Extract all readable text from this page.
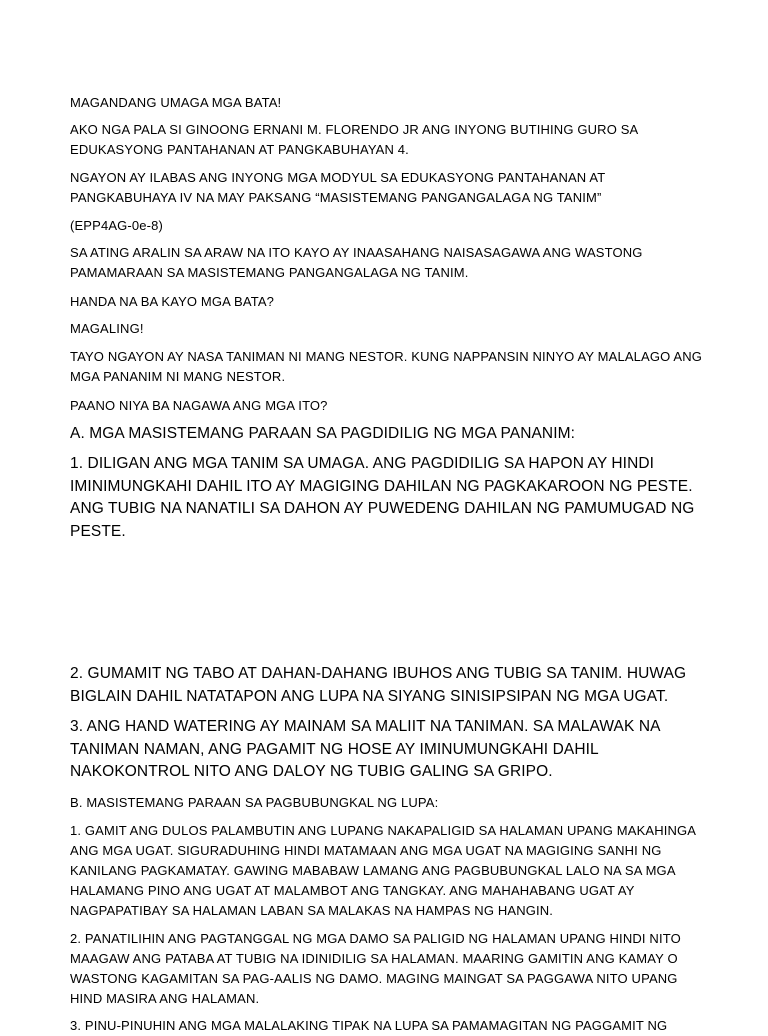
MAGANDANG UMAGA MGA BATA!

AKO NGA PALA SI GINOONG ERNANI M. FLORENDO JR ANG INYONG BUTIHING GURO SA EDUKASYONG PANTAHANAN AT PANGKABUHAYAN 4.

NGAYON AY ILABAS ANG INYONG MGA MODYUL SA EDUKASYONG PANTAHANAN AT PANGKABUHAYA IV NA MAY PAKSANG “MASISTEMANG PANGANGALAGA NG TANIM”

(EPP4AG-0e-8)

SA ATING ARALIN SA ARAW NA ITO KAYO AY INAASAHANG NAISASAGAWA ANG WASTONG PAMAMARAAN SA MASISTEMANG PANGANGALAGA NG TANIM.

HANDA NA BA KAYO MGA BATA?

MAGALING!

TAYO NGAYON AY NASA TANIMAN NI MANG NESTOR. KUNG NAPPANSIN NINYO AY MALALAGO ANG MGA PANANIM NI MANG NESTOR.

PAANO NIYA BA NAGAWA ANG MGA ITO?

A. MGA MASISTEMANG PARAAN SA PAGDIDILIG NG MGA PANANIM:

1. DILIGAN ANG MGA TANIM SA UMAGA. ANG PAGDIDILIG SA HAPON AY HINDI IMINIMUNGKAHI DAHIL ITO AY MAGIGING DAHILAN NG PAGKAKAROON NG PESTE. ANG TUBIG NA NANATILI SA DAHON AY PUWEDENG DAHILAN NG PAMUMUGAD NG PESTE.

2. GUMAMIT NG TABO AT DAHAN-DAHANG IBUHOS ANG TUBIG SA TANIM. HUWAG BIGLAIN DAHIL NATATAPON ANG LUPA NA SIYANG SINISIPSIPAN NG MGA UGAT.

3. ANG HAND WATERING AY MAINAM SA MALIIT NA TANIMAN. SA MALAWAK NA TANIMAN NAMAN, ANG PAGAMIT NG HOSE AY IMINUMUNGKAHI DAHIL NAKOKONTROL NITO ANG DALOY NG TUBIG GALING SA GRIPO.

B. MASISTEMANG PARAAN SA PAGBUBUNGKAL NG LUPA:

1. GAMIT ANG DULOS PALAMBUTIN ANG LUPANG NAKAPALIGID SA HALAMAN UPANG MAKAHINGA ANG MGA UGAT. SIGURADUHING HINDI MATAMAAN ANG MGA UGAT NA MAGIGING SANHI NG KANILANG PAGKAMATAY. GAWING MABABAW LAMANG ANG PAGBUBUNGKAL LALO NA SA MGA HALAMANG PINO ANG UGAT AT MALAMBOT ANG TANGKAY. ANG MAHAHABANG UGAT AY NAGPAPATIBAY SA HALAMAN LABAN SA MALAKAS NA HAMPAS NG HANGIN.

2. PANATILIHIN ANG PAGTANGGAL NG MGA DAMO SA PALIGID NG HALAMAN UPANG HINDI NITO MAAGAW ANG PATABA AT TUBIG NA IDINIDILIG SA HALAMAN. MAARING GAMITIN ANG KAMAY O WASTONG KAGAMITAN SA PAG-AALIS NG DAMO. MAGING MAINGAT SA PAGGAWA NITO UPANG HIND MASIRA ANG HALAMAN.

3. PINU-PINUHIN ANG MGA MALALAKING TIPAK NA LUPA SA PAMAMAGITAN NG PAGGAMIT NG
